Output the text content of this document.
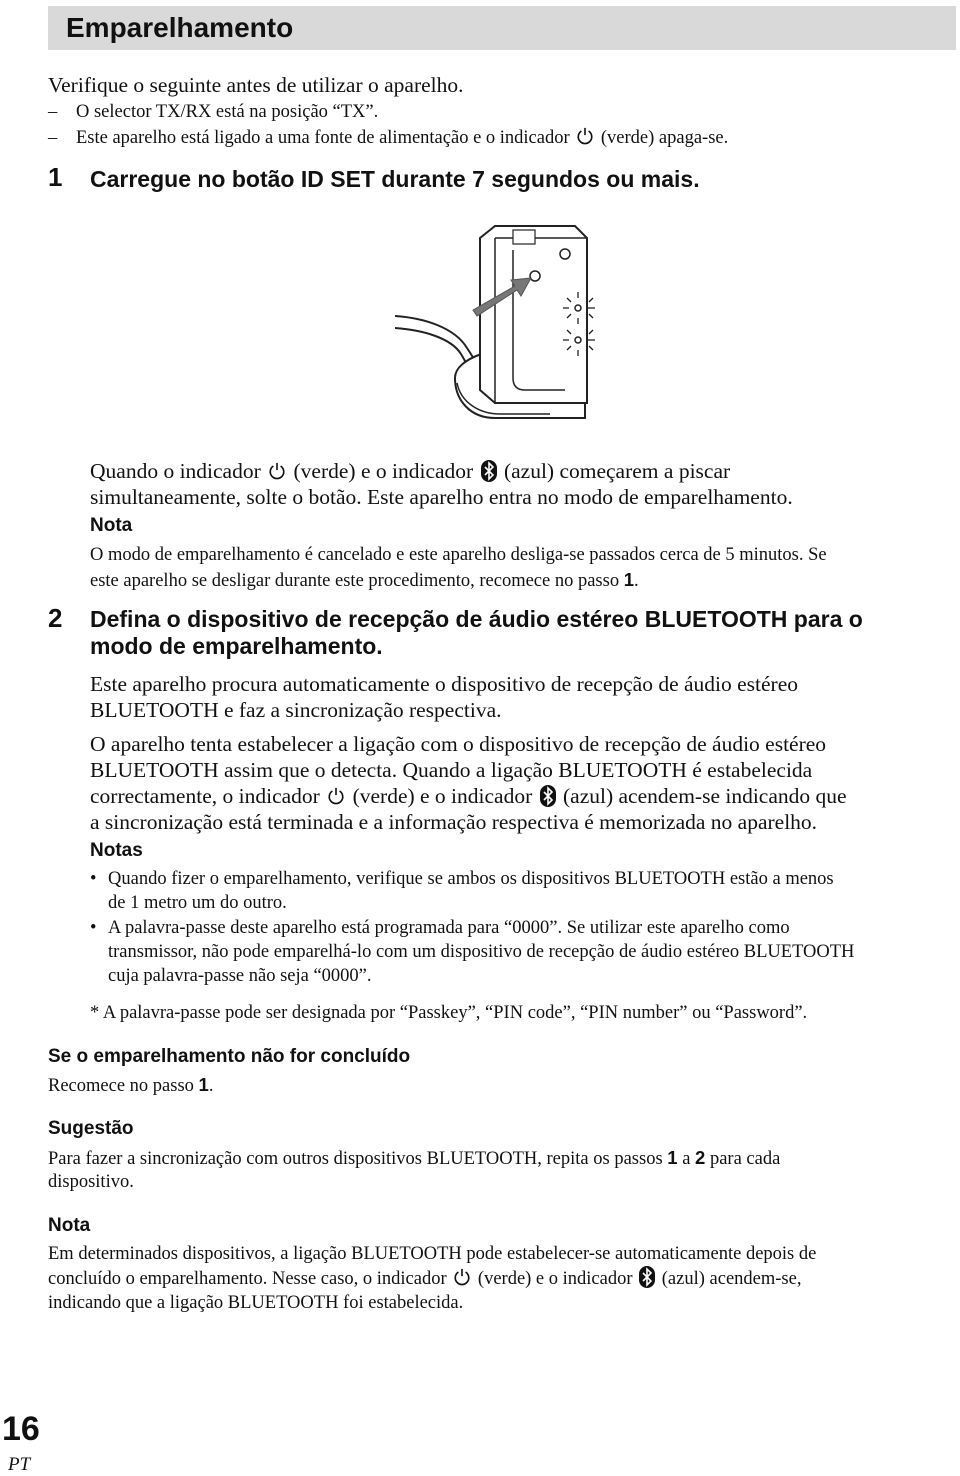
Emparelhamento
Verifique o seguinte antes de utilizar o aparelho.
– O selector TX/RX está na posição “TX”.
– Este aparelho está ligado a uma fonte de alimentação e o indicador (verde) apaga-se.
1 Carregue no botão ID SET durante 7 segundos ou mais.
Quando o indicador (verde) e o indicador (azul) começarem a piscar
simultaneamente, solte o botão. Este aparelho entra no modo de emparelhamento.
Nota
O modo de emparelhamento é cancelado e este aparelho desliga-se passados cerca de 5 minutos. Se
este aparelho se desligar durante este procedimento, recomece no passo 1.
2 Defina o dispositivo de recepção de áudio estéreo BLUETOOTH para o
modo de emparelhamento.
Este aparelho procura automaticamente o dispositivo de recepção de áudio estéreo
BLUETOOTH e faz a sincronização respectiva.
O aparelho tenta estabelecer a ligação com o dispositivo de recepção de áudio estéreo
BLUETOOTH assim que o detecta. Quando a ligação BLUETOOTH é estabelecida
correctamente, o indicador (verde) e o indicador (azul) acendem-se indicando que
a sincronização está terminada e a informação respectiva é memorizada no aparelho.
Notas
• Quando fizer o emparelhamento, verifique se ambos os dispositivos BLUETOOTH estão a menos
de 1 metro um do outro.
• A palavra-passe deste aparelho está programada para “0000”. Se utilizar este aparelho como
transmissor, não pode emparelhá-lo com um dispositivo de recepção de áudio estéreo BLUETOOTH
cuja palavra-passe não seja “0000”.
* A palavra-passe pode ser designada por “Passkey”, “PIN code”, “PIN number” ou “Password”.
Se o emparelhamento não for concluído
Recomece no passo 1.
Sugestão
Para fazer a sincronização com outros dispositivos BLUETOOTH, repita os passos 1 a 2 para cada
dispositivo.
Nota
Em determinados dispositivos, a ligação BLUETOOTH pode estabelecer-se automaticamente depois de
concluído o emparelhamento. Nesse caso, o indicador (verde) e o indicador (azul) acendem-se,
indicando que a ligação BLUETOOTH foi estabelecida.
16
PT
